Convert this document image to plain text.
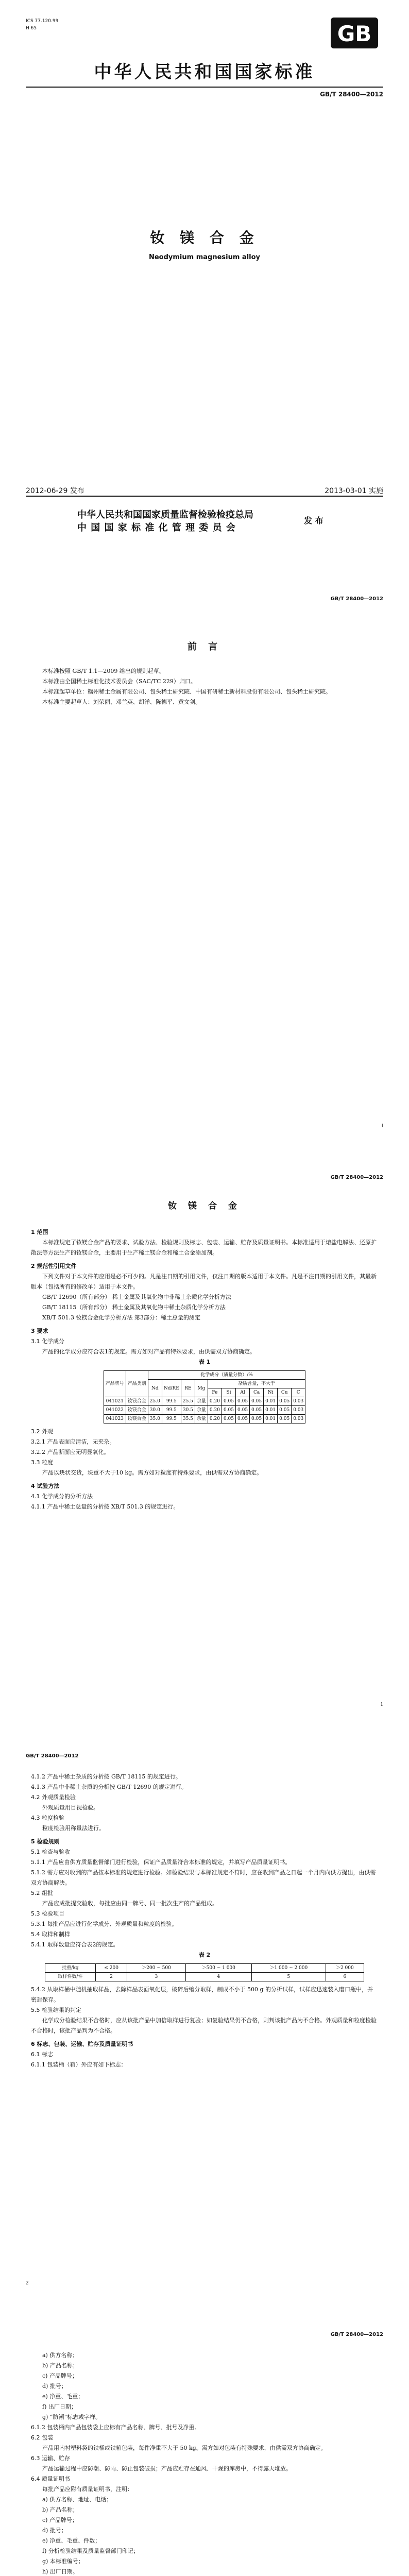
ICS 77.120.99
H 65	GB
中华人民共和国国家标准
GB/T 28400—2012
钕 镁 合 金
Neodymium magnesium alloy
2012-06-29 发布	2013-03-01 实施
中华人民共和国国家质量监督检验检疫总局
中 国 国 家 标 准 化 管 理 委 员 会
发 布
GB/T 28400—2012
前 言

本标准按照 GB/T 1.1—2009 给出的规则起草。

本标准由全国稀土标准化技术委员会（SAC/TC 229）归口。

本标准起草单位：赣州稀土金属有限公司、包头稀土研究院、中国有研稀土新材料股份有限公司、包头稀土研究院。

本标准主要起草人：刘荣丽、邓兰英、胡洋、陈德平、黄文剑。

I
GB/T 28400—2012
钕 镁 合 金

1 范围

本标准规定了钕镁合金产品的要求、试验方法、检验规则及标志、包装、运输、贮存及质量证明书。本标准适用于熔盐电解法、还原扩散法等方法生产的钕镁合金，主要用于生产稀土镁合金和稀土合金添加剂。

2 规范性引用文件

下列文件对于本文件的应用是必不可少的。凡是注日期的引用文件，仅注日期的版本适用于本文件。凡是不注日期的引用文件，其最新版本（包括所有的修改单）适用于本文件。

GB/T 12690（所有部分） 稀土金属及其氧化物中非稀土杂质化学分析方法

GB/T 18115（所有部分） 稀土金属及其氧化物中稀土杂质化学分析方法

XB/T 501.3 钕镁合金化学分析方法 第3部分：稀土总量的测定

3 要求

3.1 化学成分

产品的化学成分应符合表1的规定。需方如对产品有特殊要求，由供需双方协商确定。

表 1

产品牌号	产品类别	化学成分（质量分数）/%										
		Nd	Nd/RE	RE	Mg	杂质含量，不大于						
						Fe	Si	Al	Ca	Ni	Cu	C
041021	钕镁合金	25.0	99.5	25.5	余量	0.20	0.05	0.05	0.05	0.01	0.05	0.03
041022	钕镁合金	30.0	99.5	30.5	余量	0.20	0.05	0.05	0.05	0.01	0.05	0.03
041023	钕镁合金	35.0	99.5	35.5	余量	0.20	0.05	0.05	0.05	0.01	0.05	0.03

3.2 外观

3.2.1 产品表面应清洁，无夹杂。

3.2.2 产品断面应无明显氧化。

3.3 粒度

产品以块状交货，块重不大于10 kg。需方如对粒度有特殊要求，由供需双方协商确定。

4 试验方法

4.1 化学成分的分析方法

4.1.1 产品中稀土总量的分析按 XB/T 501.3 的规定进行。

1
GB/T 28400—2012

4.1.2 产品中稀土杂质的分析按 GB/T 18115 的规定进行。

4.1.3 产品中非稀土杂质的分析按 GB/T 12690 的规定进行。

4.2 外观质量检验

外观质量用目视检验。

4.3 粒度检验

粒度检验用称量法进行。

5 检验规则

5.1 检查与验收

5.1.1 产品应由供方质量监督部门进行检验，保证产品质量符合本标准的规定，并填写产品质量证明书。

5.1.2 需方应对收到的产品按本标准的规定进行检验。如检验结果与本标准规定不符时，应在收到产品之日起一个月内向供方提出，由供需双方协商解决。

5.2 组批

产品应成批提交验收，每批应由同一牌号、同一批次生产的产品组成。

5.3 检验项目

5.3.1 每批产品应进行化学成分、外观质量和粒度的检验。

5.4 取样和制样

5.4.1 取样数量应符合表2的规定。

表 2

批重/kg	≤ 200	＞200 ~ 500	＞500 ~ 1 000	＞1 000 ~ 2 000	＞2 000
取样件数/件	2	3	4	5	6

5.4.2 从取样桶中随机抽取样品，去除样品表面氧化层，破碎后缩分取样，制成不小于 500 g 的分析试样，试样应迅速装入磨口瓶中，并密封保存。

5.5 检验结果的判定

化学成分检验结果不合格时，应从该批产品中加倍取样进行复验；如复验结果仍不合格，则判该批产品为不合格。外观质量和粒度检验不合格时，该批产品判为不合格。

6 标志、包装、运输、贮存及质量证明书

6.1 标志

6.1.1 包装桶（箱）外应有如下标志：

2
GB/T 28400—2012

a) 供方名称；

b) 产品名称；

c) 产品牌号；

d) 批号；

e) 净重、毛重；

f) 出厂日期；

g) “防潮”标志或字样。

6.1.2 包装桶内产品包装袋上应标有产品名称、牌号、批号及净重。

6.2 包装

产品用内衬塑料袋的铁桶或铁箱包装，每件净重不大于 50 kg。需方如对包装有特殊要求，由供需双方协商确定。

6.3 运输、贮存

产品运输过程中应防潮、防雨、防止包装破损；产品应贮存在通风、干燥的库房中，不得露天堆放。

6.4 质量证明书

每批产品应附有质量证明书，注明：

a) 供方名称、地址、电话；

b) 产品名称；

c) 产品牌号；

d) 批号；

e) 净重、毛重、件数；

f) 分析检验结果及质量监督部门印记；

g) 本标准编号；

h) 出厂日期。
